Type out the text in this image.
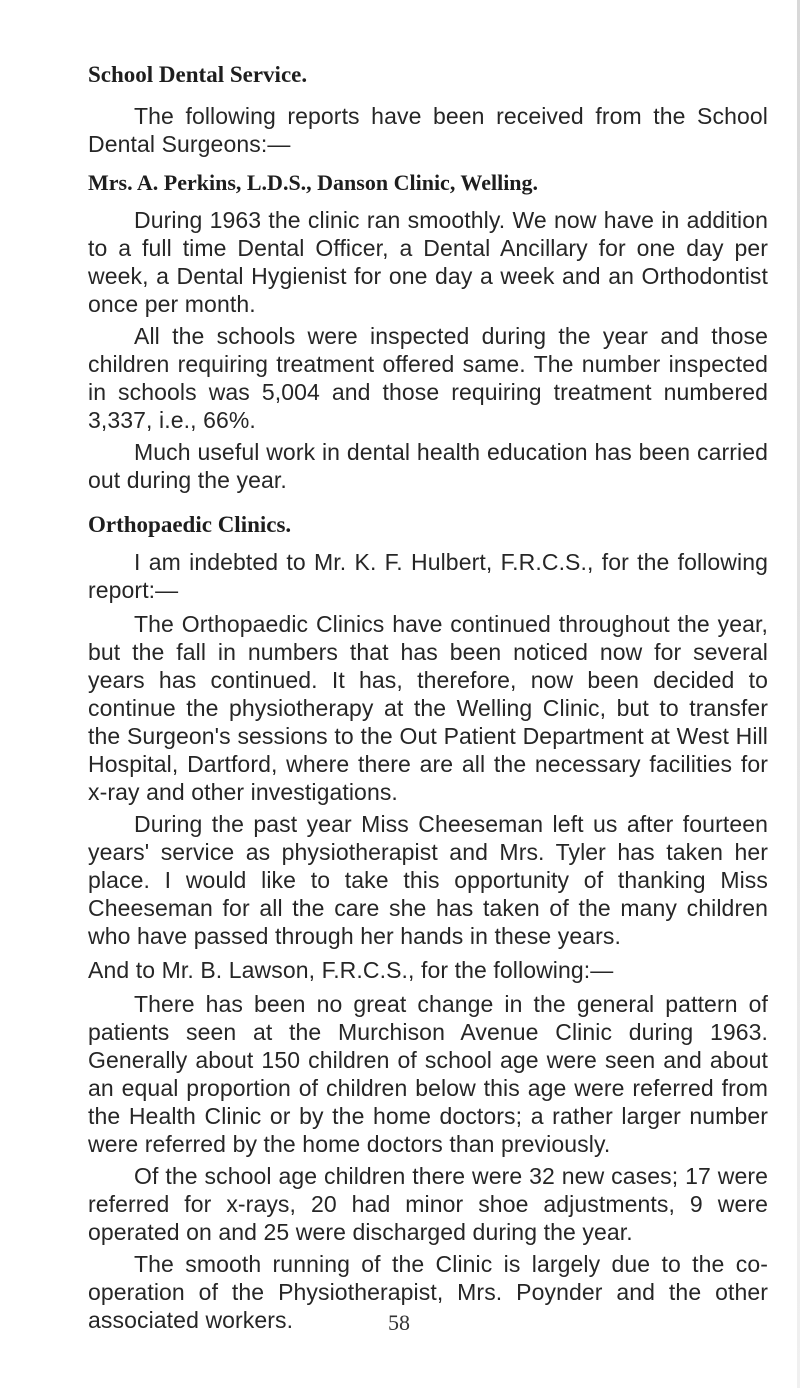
School Dental Service.

The following reports have been received from the School Dental Surgeons:—

Mrs. A. Perkins, L.D.S., Danson Clinic, Welling.

During 1963 the clinic ran smoothly. We now have in addition to a full time Dental Officer, a Dental Ancillary for one day per week, a Dental Hygienist for one day a week and an Orthodontist once per month.

All the schools were inspected during the year and those children requiring treatment offered same. The number inspected in schools was 5,004 and those requiring treatment numbered 3,337, i.e., 66%.

Much useful work in dental health education has been carried out during the year.

Orthopaedic Clinics.

I am indebted to Mr. K. F. Hulbert, F.R.C.S., for the following report:—

The Orthopaedic Clinics have continued throughout the year, but the fall in numbers that has been noticed now for several years has continued. It has, therefore, now been decided to continue the physiotherapy at the Welling Clinic, but to transfer the Surgeon's sessions to the Out Patient Department at West Hill Hospital, Dartford, where there are all the necessary facilities for x-ray and other investigations.

During the past year Miss Cheeseman left us after fourteen years' service as physiotherapist and Mrs. Tyler has taken her place. I would like to take this opportunity of thanking Miss Cheeseman for all the care she has taken of the many children who have passed through her hands in these years.

And to Mr. B. Lawson, F.R.C.S., for the following:—

There has been no great change in the general pattern of patients seen at the Murchison Avenue Clinic during 1963. Generally about 150 children of school age were seen and about an equal proportion of children below this age were referred from the Health Clinic or by the home doctors; a rather larger number were referred by the home doctors than previously.

Of the school age children there were 32 new cases; 17 were referred for x-rays, 20 had minor shoe adjustments, 9 were operated on and 25 were discharged during the year.

The smooth running of the Clinic is largely due to the co-operation of the Physiotherapist, Mrs. Poynder and the other associated workers.	58
